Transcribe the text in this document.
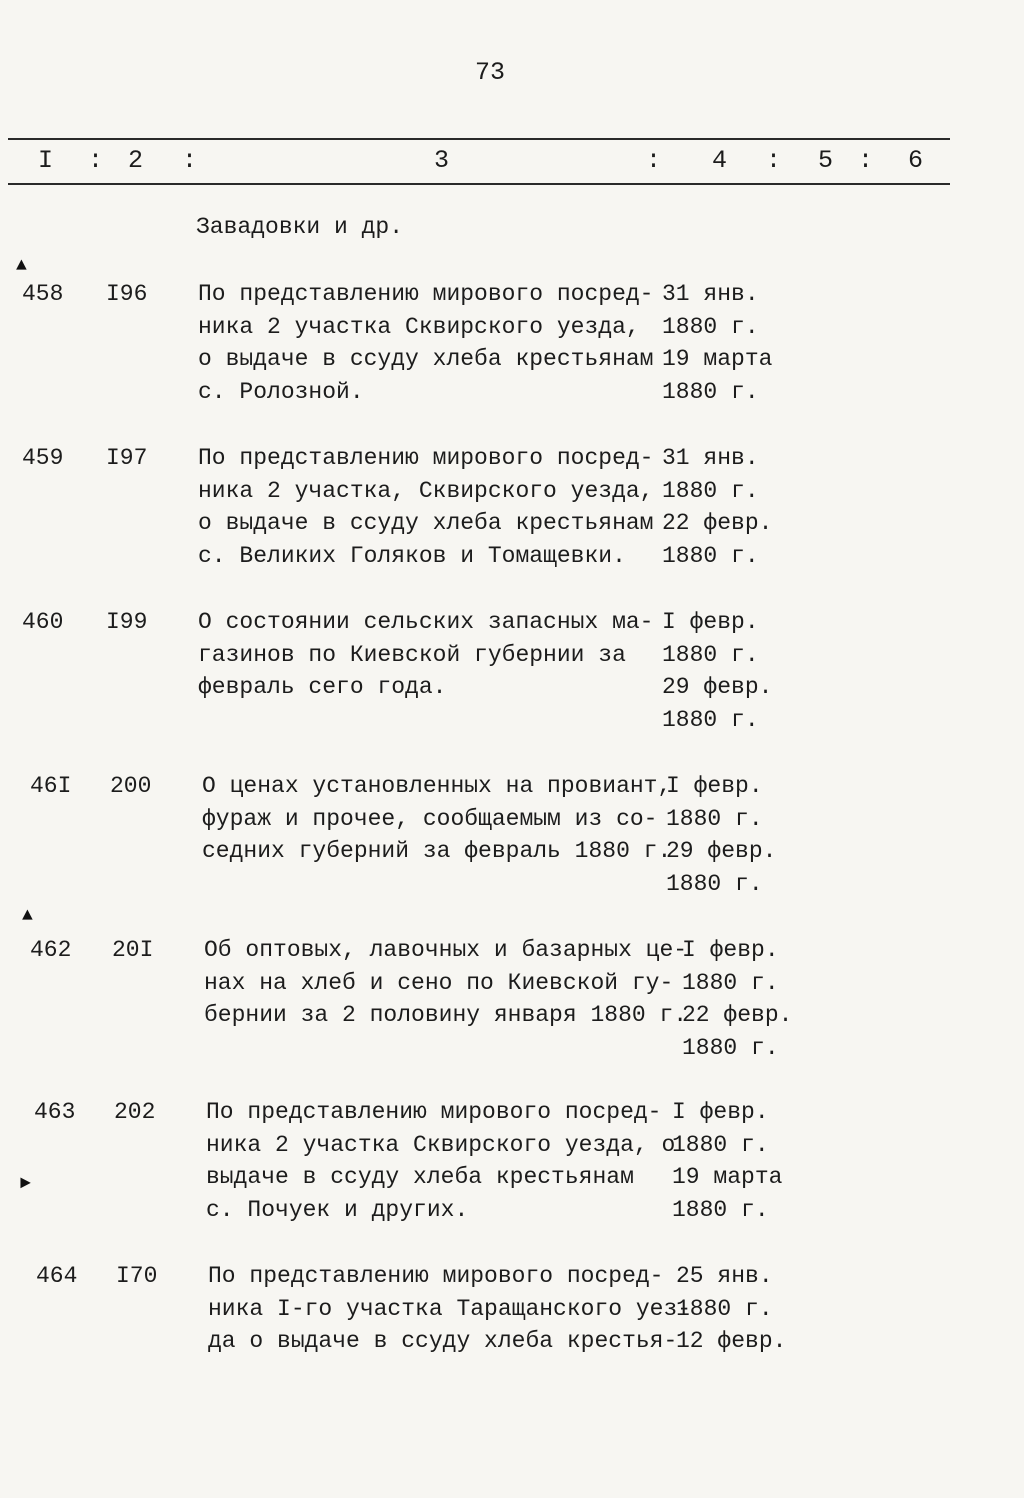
73
I : 2 :	3	: 4 : 5 : 6
Завадовки и др.
458 I96 По представлению мирового посред-
ника 2 участка Сквирского уезда,
о выдаче в ссуду хлеба крестьянам
с. Ролозной.
31 янв.
1880 г.
19 марта
1880 г.
459 I97 По представлению мирового посред-
ника 2 участка, Сквирского уезда,
о выдаче в ссуду хлеба крестьянам
с. Великих Голяков и Томащевки.
31 янв.
1880 г.
22 февр.
1880 г.
460 I99 О состоянии сельских запасных ма-
газинов по Киевской губернии за
февраль сего года.
I февр.
1880 г.
29 февр.
1880 г.
46I 200 О ценах установленных на провиант,
фураж и прочее, сообщаемым из со-
седних губерний за февраль 1880 г.
I февр.
1880 г.
29 февр.
1880 г.
462 20I Об оптовых, лавочных и базарных це-
нах на хлеб и сено по Киевской гу-
бернии за 2 половину января 1880 г.
I февр.
1880 г.
22 февр.
1880 г.
463 202 По представлению мирового посред-
ника 2 участка Сквирского уезда, о
выдаче в ссуду хлеба крестьянам
с. Почуек и других.
I февр.
1880 г.
19 марта
1880 г.
464 I70 По представлению мирового посред-
ника I-го участка Таращанского уез-
да о выдаче в ссуду хлеба крестья-
25 янв.
1880 г.
12 февр.
▲
▲
►
